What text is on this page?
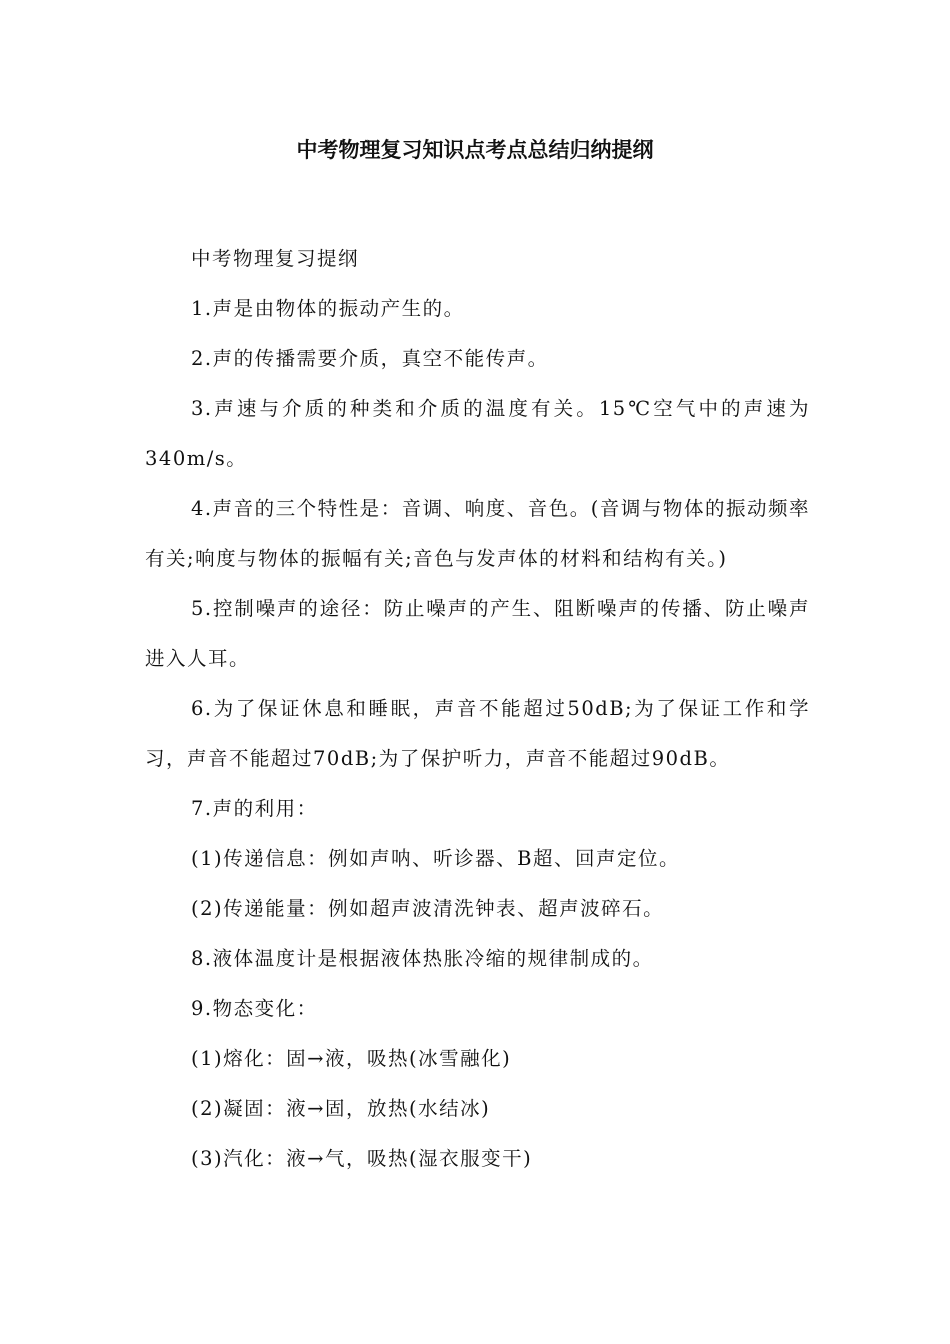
中考物理复习知识点考点总结归纳提纲

中考物理复习提纲

1.声是由物体的振动产生的。

2.声的传播需要介质，真空不能传声。

3.声速与介质的种类和介质的温度有关。15℃空气中的声速为340m/s。

4.声音的三个特性是：音调、响度、音色。(音调与物体的振动频率有关;响度与物体的振幅有关;音色与发声体的材料和结构有关。)

5.控制噪声的途径：防止噪声的产生、阻断噪声的传播、防止噪声进入人耳。

6.为了保证休息和睡眠，声音不能超过50dB;为了保证工作和学习，声音不能超过70dB;为了保护听力，声音不能超过90dB。

7.声的利用：

(1)传递信息：例如声呐、听诊器、B超、回声定位。

(2)传递能量：例如超声波清洗钟表、超声波碎石。

8.液体温度计是根据液体热胀冷缩的规律制成的。

9.物态变化：

(1)熔化：固→液，吸热(冰雪融化)

(2)凝固：液→固，放热(水结冰)

(3)汽化：液→气，吸热(湿衣服变干)
